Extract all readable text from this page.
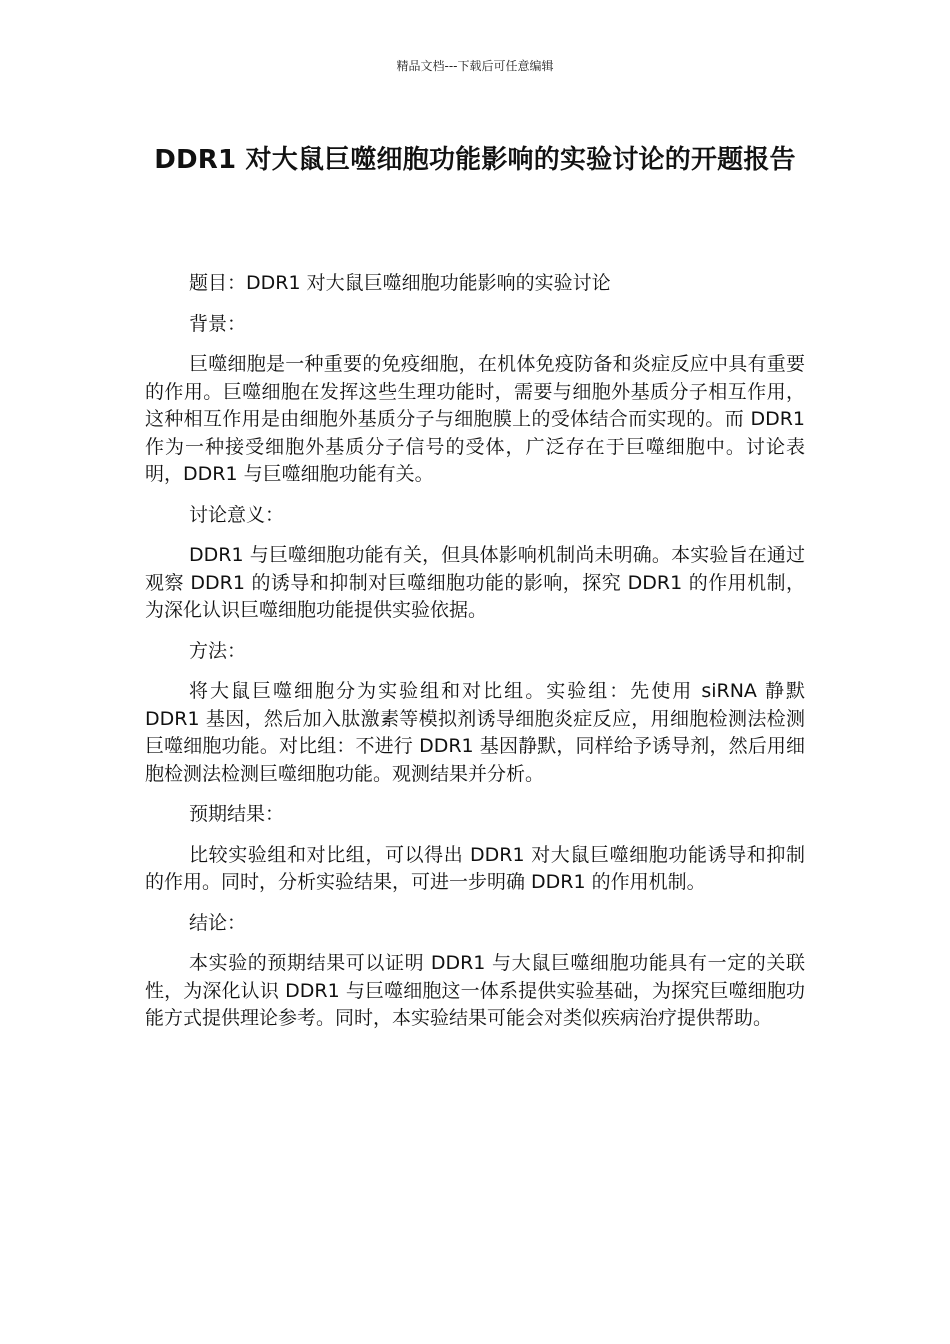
精品文档---下载后可任意编辑
DDR1 对大鼠巨噬细胞功能影响的实验讨论的开题报告

题目：DDR1 对大鼠巨噬细胞功能影响的实验讨论

背景：

巨噬细胞是一种重要的免疫细胞，在机体免疫防备和炎症反应中具有重要的作用。巨噬细胞在发挥这些生理功能时，需要与细胞外基质分子相互作用，这种相互作用是由细胞外基质分子与细胞膜上的受体结合而实现的。而 DDR1 作为一种接受细胞外基质分子信号的受体，广泛存在于巨噬细胞中。讨论表明，DDR1 与巨噬细胞功能有关。

讨论意义：

DDR1 与巨噬细胞功能有关，但具体影响机制尚未明确。本实验旨在通过观察 DDR1 的诱导和抑制对巨噬细胞功能的影响，探究 DDR1 的作用机制，为深化认识巨噬细胞功能提供实验依据。

方法：

将大鼠巨噬细胞分为实验组和对比组。实验组：先使用 siRNA 静默 DDR1 基因，然后加入肽激素等模拟剂诱导细胞炎症反应，用细胞检测法检测巨噬细胞功能。对比组：不进行 DDR1 基因静默，同样给予诱导剂，然后用细胞检测法检测巨噬细胞功能。观测结果并分析。

预期结果：

比较实验组和对比组，可以得出 DDR1 对大鼠巨噬细胞功能诱导和抑制的作用。同时，分析实验结果，可进一步明确 DDR1 的作用机制。

结论：

本实验的预期结果可以证明 DDR1 与大鼠巨噬细胞功能具有一定的关联性，为深化认识 DDR1 与巨噬细胞这一体系提供实验基础，为探究巨噬细胞功能方式提供理论参考。同时，本实验结果可能会对类似疾病治疗提供帮助。
